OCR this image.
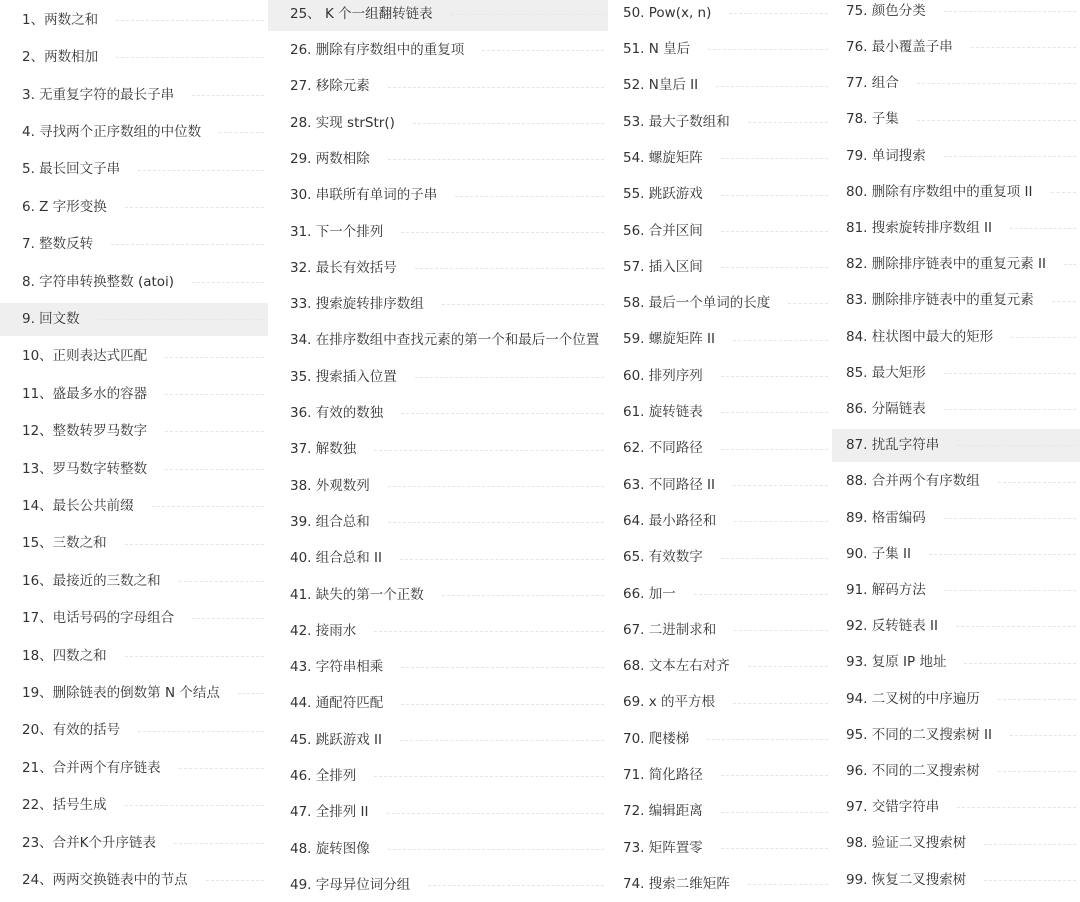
1、两数之和
2、两数相加
3. 无重复字符的最长子串
4. 寻找两个正序数组的中位数
5. 最长回文子串
6. Z 字形变换
7. 整数反转
8. 字符串转换整数 (atoi)
9. 回文数
10、正则表达式匹配
11、盛最多水的容器
12、整数转罗马数字
13、罗马数字转整数
14、最长公共前缀
15、三数之和
16、最接近的三数之和
17、电话号码的字母组合
18、四数之和
19、删除链表的倒数第 N 个结点
20、有效的括号
21、合并两个有序链表
22、括号生成
23、合并K个升序链表
24、两两交换链表中的节点
25、 K 个一组翻转链表
26. 删除有序数组中的重复项
27. 移除元素
28. 实现 strStr()
29. 两数相除
30. 串联所有单词的子串
31. 下一个排列
32. 最长有效括号
33. 搜索旋转排序数组
34. 在排序数组中查找元素的第一个和最后一个位置
35. 搜索插入位置
36. 有效的数独
37. 解数独
38. 外观数列
39. 组合总和
40. 组合总和 II
41. 缺失的第一个正数
42. 接雨水
43. 字符串相乘
44. 通配符匹配
45. 跳跃游戏 II
46. 全排列
47. 全排列 II
48. 旋转图像
49. 字母异位词分组
50. Pow(x, n)
51. N 皇后
52. N皇后 II
53. 最大子数组和
54. 螺旋矩阵
55. 跳跃游戏
56. 合并区间
57. 插入区间
58. 最后一个单词的长度
59. 螺旋矩阵 II
60. 排列序列
61. 旋转链表
62. 不同路径
63. 不同路径 II
64. 最小路径和
65. 有效数字
66. 加一
67. 二进制求和
68. 文本左右对齐
69. x 的平方根
70. 爬楼梯
71. 简化路径
72. 编辑距离
73. 矩阵置零
74. 搜索二维矩阵
75. 颜色分类
76. 最小覆盖子串
77. 组合
78. 子集
79. 单词搜索
80. 删除有序数组中的重复项 II
81. 搜索旋转排序数组 II
82. 删除排序链表中的重复元素 II
83. 删除排序链表中的重复元素
84. 柱状图中最大的矩形
85. 最大矩形
86. 分隔链表
87. 扰乱字符串
88. 合并两个有序数组
89. 格雷编码
90. 子集 II
91. 解码方法
92. 反转链表 II
93. 复原 IP 地址
94. 二叉树的中序遍历
95. 不同的二叉搜索树 II
96. 不同的二叉搜索树
97. 交错字符串
98. 验证二叉搜索树
99. 恢复二叉搜索树
